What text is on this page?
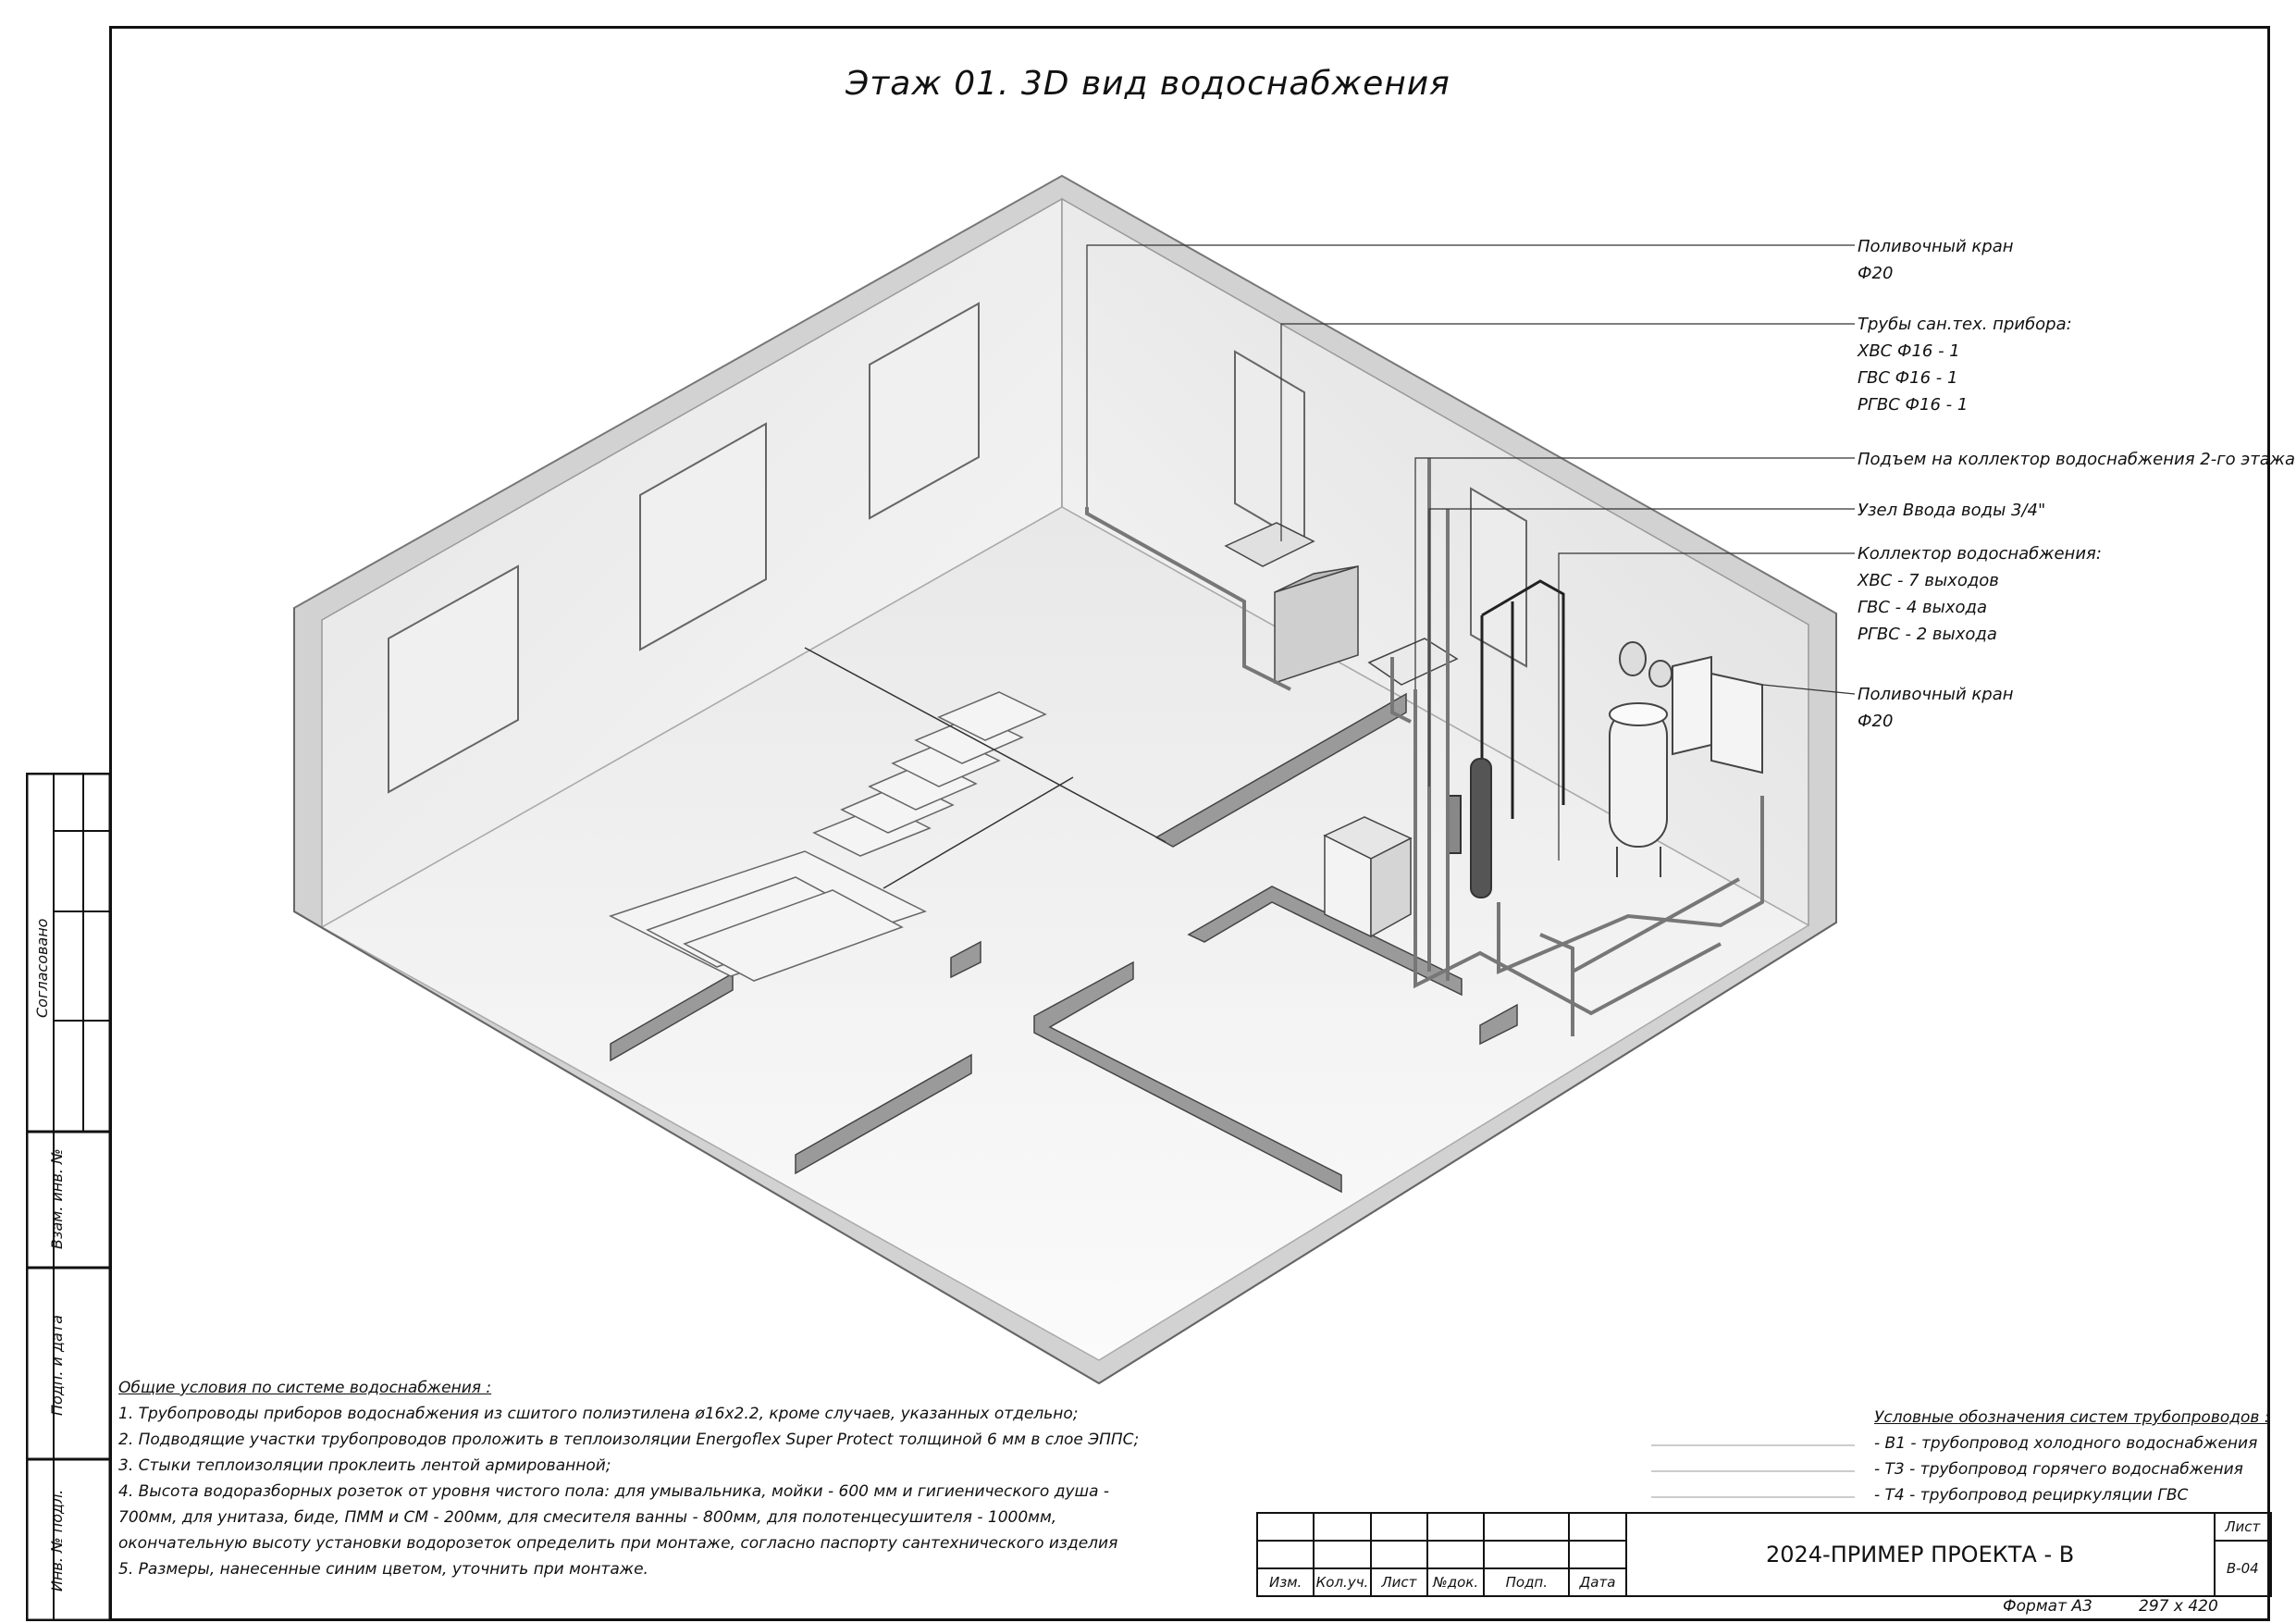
Этаж 01. 3D вид водоснабжения
Поливочный кран
Ф20
Трубы сан.тех. прибора:
ХВС Ф16 - 1
ГВС Ф16 - 1
РГВС Ф16 - 1
Подъем на коллектор водоснабжения 2-го этажа
Узел Ввода воды 3/4"
Коллектор водоснабжения:
ХВС - 7 выходов
ГВС - 4 выхода
РГВС - 2 выхода
Поливочный кран
Ф20
Общие условия по системе водоснабжения :
1. Трубопроводы приборов водоснабжения из сшитого полиэтилена ø16х2.2, кроме случаев, указанных отдельно;
2. Подводящие участки трубопроводов проложить в теплоизоляции Energoflex Super Protect толщиной 6 мм в слое ЭППС;
3. Стыки теплоизоляции проклеить лентой армированной;
4. Высота водоразборных розеток от уровня чистого пола: для умывальника, мойки - 600 мм и гигиенического душа -
700мм, для унитаза, биде, ПММ и СМ - 200мм, для смесителя ванны - 800мм, для полотенцесушителя - 1000мм,
окончательную высоту установки водорозеток определить при монтаже, согласно паспорту сантехнического изделия
5. Размеры, нанесенные синим цветом, уточнить при монтаже.
Условные обозначения систем трубопроводов :
- В1 - трубопровод холодного водоснабжения
- Т3 - трубопровод горячего водоснабжения
- Т4 - трубопровод рециркуляции ГВС
Согласовано
Взам. инв. №
Подп. и дата
Инв. № подл.
							2024-ПРИМЕР ПРОЕКТА - В	Лист
							В-04
Изм.	Кол.уч.	Лист	№док.	Подп.	Дата		
Формат А3	297 х 420
